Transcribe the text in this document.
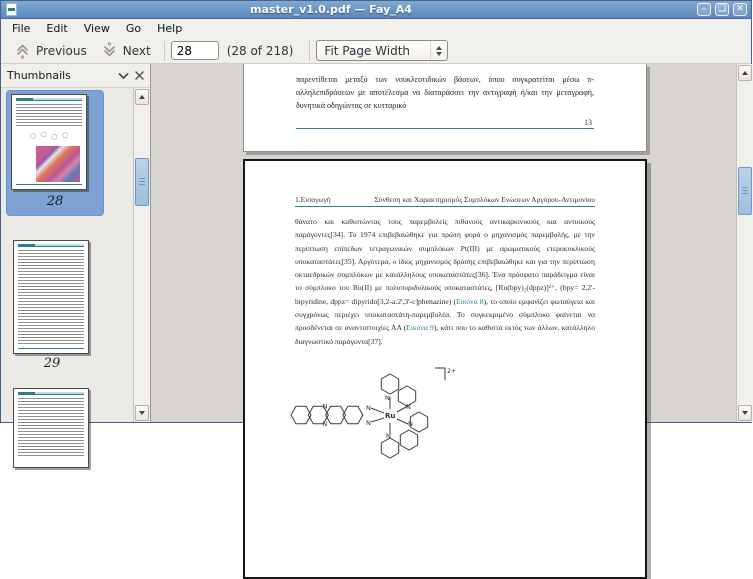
master_v1.0.pdf — Fay_A4	–	❑	✕
File	Edit	View	Go	Help
Previous	Next
28	(28 of 218)	Fit Page Width
Thumbnails
28
29
παρεντίθεται μεταξύ των νουκλεοτιδικών βάσεων, όπου συγκρατείται μέσω π-αλληλεπιδράσεων με αποτέλεσμα να διαταράσσει την αντιγραφή ή/και την μεταγραφή, δυνητικά οδηγώντας σε κυτταρικό
13
1.Εισαγωγή	Σύνθεση και Χαρακτηρισμός Συμπλόκων Ενώσεων Αργύρου-Αντιμονίου
θάνατο και καθιστώντας τους παρεμβολείς πιθανούς αντικαρκινικούς και αντιιικούς παράγοντες[34]. Το 1974 επιβεβαιώθηκε για πρώτη φορά ο μηχανισμός παρεμβολής, με την περίπτωση επίπεδων τετραγωνικών συμπλόκων Pt(III) με αρωματικούς ετεροκυκλικούς υποκαταστάτες[35]. Αργότερα, ο ίδιος μηχανισμός δράσης επιβεβαιώθηκε και για την περίπτωση οκταεδρικών συμπλόκων με κατάλληλους υποκαταστάτες[36]. Ένα πρόσφατο παράδειγμα είναι το σύμπλοκο του Ru(II) με πολυπυριδυλικούς υποκαταστάτες, [Ru(bpy)₂(dppz)]²⁺, (bpy= 2,2'-bipyridine, dppz= dipyrido[3,2-a:2',3'-c]phenazine) (Εικόνα 8), το οποίο εμφανίζει φωταύγεια και συγχρόνως περιέχει υποκαταστάτη-παρεμβολέα. Το συγκεκριμένο σύμπλοκο φαίνεται να προσδένεται σε αναντιστοιχίες ΑΑ (Εικόνα 9), κάτι που το καθιστά εκτός των άλλων, κατάλληλο διαγνωστικό παράγοντα[37].
N
N
N
N
N
N
N
N
Ru
2+
